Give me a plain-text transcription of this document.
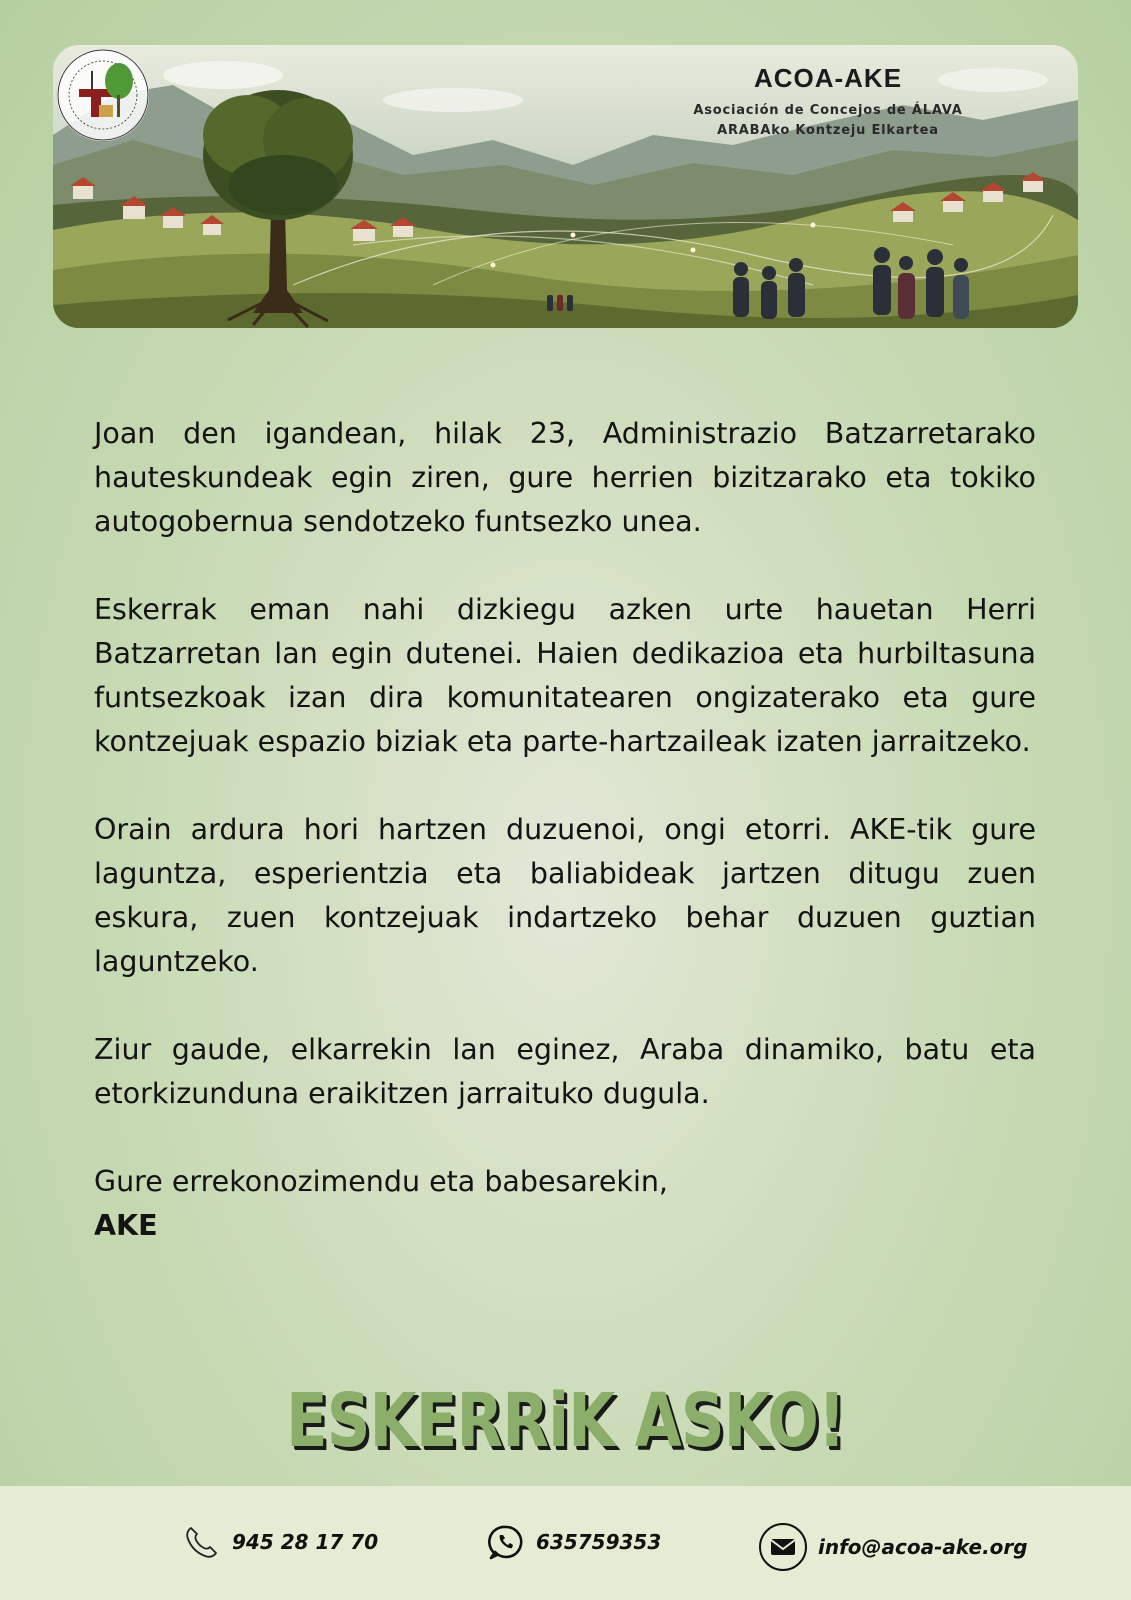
ACOA-AKE
Asociación de Concejos de ÁLAVA
ARABAko Kontzeju Elkartea

Joan den igandean, hilak 23, Administrazio Batzarretarako hauteskundeak egin ziren, gure herrien bizitzarako eta tokiko autogobernua sendotzeko funtsezko unea.

Eskerrak eman nahi dizkiegu azken urte hauetan Herri Batzarretan lan egin dutenei. Haien dedikazioa eta hurbiltasuna funtsezkoak izan dira komunitatearen ongizaterako eta gure kontzejuak espazio biziak eta parte-hartzaileak izaten jarraitzeko.

Orain ardura hori hartzen duzuenoi, ongi etorri. AKE-tik gure laguntza, esperientzia eta baliabideak jartzen ditugu zuen eskura, zuen kontzejuak indartzeko behar duzuen guztian laguntzeko.

Ziur gaude, elkarrekin lan eginez, Araba dinamiko, batu eta etorkizunduna eraikitzen jarraituko dugula.

Gure errekonozimendu eta babesarekin,
AKE

ESKERRiK ASKO!
945 28 17 70	635759353	info@acoa-ake.org
